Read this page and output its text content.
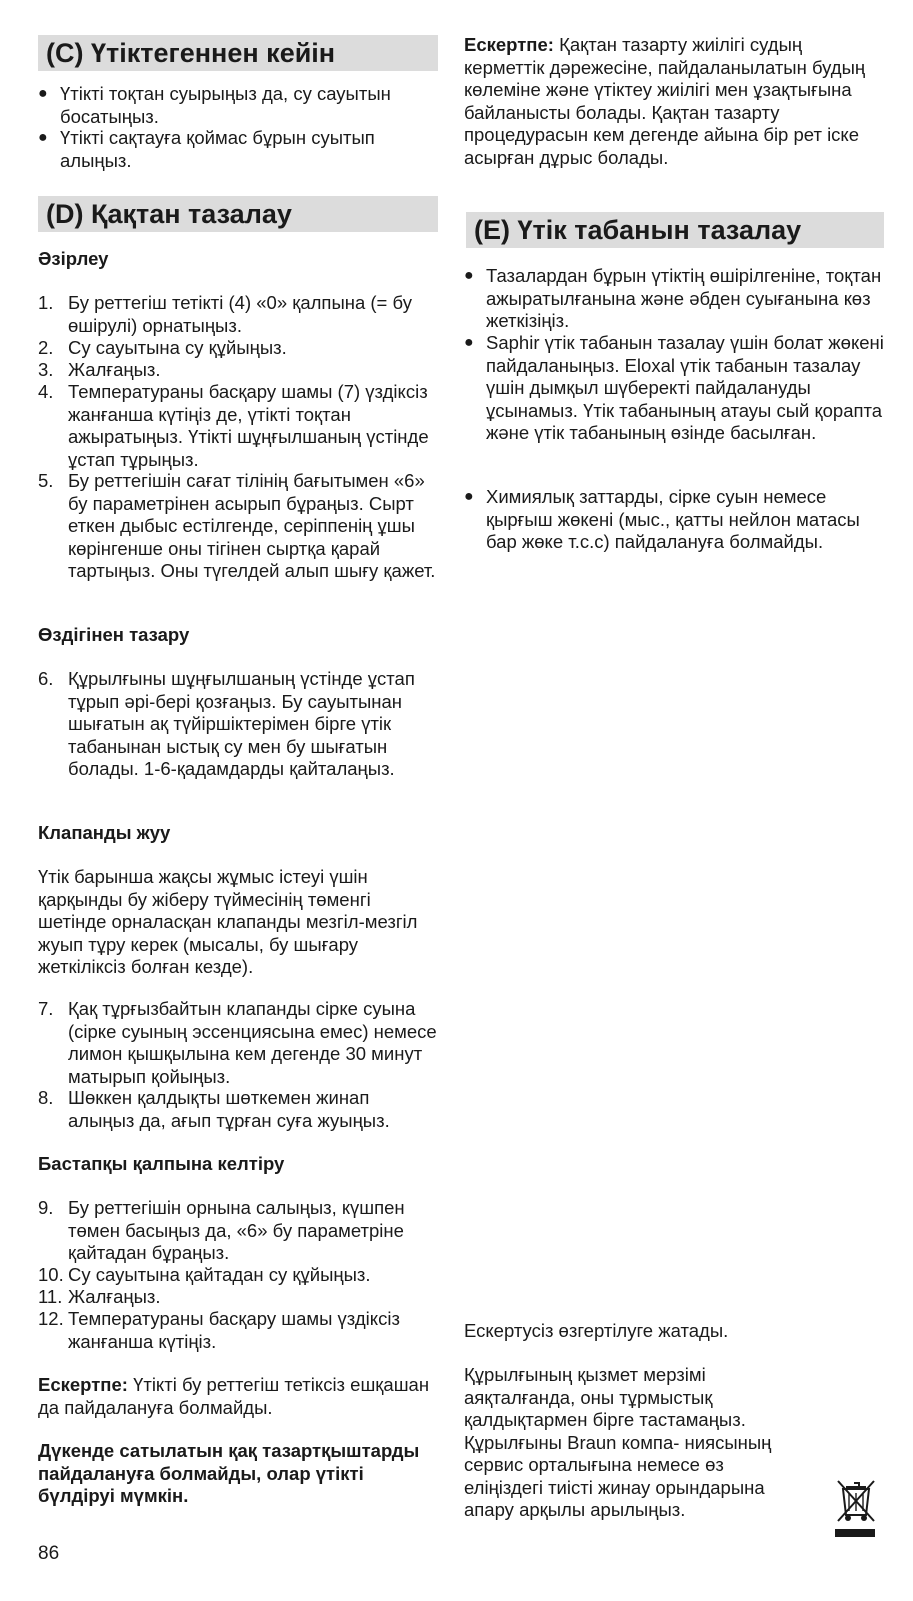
(C) Үтіктегеннен кейін
● Үтікті тоқтан суырыңыз да, су сауытын босатыңыз.
● Үтікті сақтауға қоймас бұрын суытып алыңыз.
(D) Қақтан тазалау
Әзірлеу
1. Бу реттегіш тетікті (4) «0» қалпына (= бу өшірулі) орнатыңыз.
2. Су сауытына су құйыңыз.
3. Жалғаңыз.
4. Температураны басқару шамы (7) үздіксіз жанғанша күтіңіз де, үтікті тоқтан ажыратыңыз. Үтікті шұңғылшаның үстінде ұстап тұрыңыз.
5. Бу реттегішін сағат тілінің бағытымен «6» бу параметрінен асырып бұраңыз. Сырт еткен дыбыс естілгенде, серіппенің ұшы көрінгенше оны тігінен сыртқа қарай тартыңыз. Оны түгелдей алып шығу қажет.
Өздігінен тазару
6. Құрылғыны шұңғылшаның үстінде ұстап тұрып әрі-бері қозғаңыз. Бу сауытынан шығатын ақ түйіршіктерімен бірге үтік табанынан ыстық су мен бу шығатын болады. 1-6-қадамдарды қайталаңыз.
Клапанды жуу

Үтік барынша жақсы жұмыс істеуі үшін қарқынды бу жіберу түймесінің төменгі шетінде орналасқан клапанды мезгіл-мезгіл жуып тұру керек (мысалы, бу шығару жеткіліксіз болған кезде).

7. Қақ тұрғызбайтын клапанды сірке суына (сірке суының эссенциясына емес) немесе лимон қышқылына кем дегенде 30 минут матырып қойыңыз.
8. Шөккен қалдықты шөткемен жинап алыңыз да, ағып тұрған суға жуыңыз.
Бастапқы қалпына келтіру
9. Бу реттегішін орнына салыңыз, күшпен төмен басыңыз да, «6» бу параметріне қайтадан бұраңыз.
10. Су сауытына қайтадан су құйыңыз.
11. Жалғаңыз.
12. Температураны басқару шамы үздіксіз жанғанша күтіңіз.

Ескертпе: Үтікті бу реттегіш тетіксіз ешқашан да пайдалануға болмайды.

Дүкенде сатылатын қақ тазартқыштарды пайдалануға болмайды, олар үтікті бүлдіруі мүмкін.

86

Ескертпе: Қақтан тазарту жиілігі судың керметтік дәрежесіне, пайдаланылатын будың көлеміне және үтіктеу жиілігі мен ұзақтығына байланысты болады. Қақтан тазарту процедурасын кем дегенде айына бір рет іске асырған дұрыс болады.

(E) Үтік табанын тазалау
● Тазалардан бұрын үтіктің өшірілгеніне, тоқтан ажыратылғанына және әбден суығанына көз жеткізіңіз.
● Saphir үтік табанын тазалау үшін болат жөкені пайдаланыңыз. Eloxal үтік табанын тазалау үшін дымқыл шүберекті пайдалануды ұсынамыз. Үтік табанының атауы сый қорапта және үтік табанының өзінде басылған.
● Химиялық заттарды, сірке суын немесе қырғыш жөкені (мыс., қатты нейлон матасы бар жөке т.с.с) пайдалануға болмайды.

Ескертусіз өзгертілуге жатады.

Құрылғының қызмет мерзімі аяқталғанда, оны тұрмыстық қалдықтармен бірге тастамаңыз. Құрылғыны Braun компа- ниясының сервис орталығына немесе өз еліңіздегі тиісті жинау орындарына апару арқылы арылыңыз.
